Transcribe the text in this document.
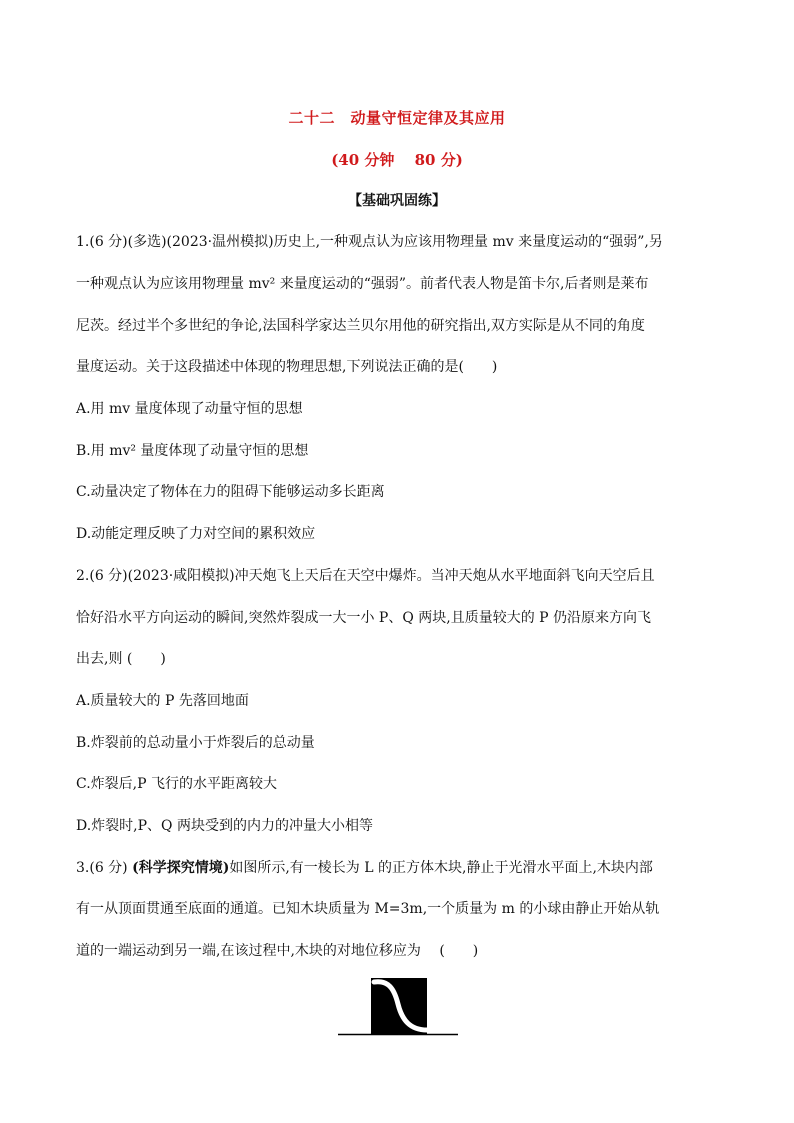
二十二　动量守恒定律及其应用
(40 分钟　 80 分)
【基础巩固练】
1.(6 分)(多选)(2023·温州模拟)历史上,一种观点认为应该用物理量 mv 来量度运动的“强弱”,另
一种观点认为应该用物理量 mv² 来量度运动的“强弱”。前者代表人物是笛卡尔,后者则是莱布
尼茨。经过半个多世纪的争论,法国科学家达兰贝尔用他的研究指出,双方实际是从不同的角度
量度运动。关于这段描述中体现的物理思想,下列说法正确的是(　　)
A.用 mv 量度体现了动量守恒的思想
B.用 mv² 量度体现了动量守恒的思想
C.动量决定了物体在力的阻碍下能够运动多长距离
D.动能定理反映了力对空间的累积效应
2.(6 分)(2023·咸阳模拟)冲天炮飞上天后在天空中爆炸。当冲天炮从水平地面斜飞向天空后且
恰好沿水平方向运动的瞬间,突然炸裂成一大一小 P、Q 两块,且质量较大的 P 仍沿原来方向飞
出去,则 (　　)
A.质量较大的 P 先落回地面
B.炸裂前的总动量小于炸裂后的总动量
C.炸裂后,P 飞行的水平距离较大
D.炸裂时,P、Q 两块受到的内力的冲量大小相等
3.(6 分) (科学探究情境)如图所示,有一棱长为 L 的正方体木块,静止于光滑水平面上,木块内部
有一从顶面贯通至底面的通道。已知木块质量为 M=3m,一个质量为 m 的小球由静止开始从轨
道的一端运动到另一端,在该过程中,木块的对地位移应为　 (　　)
